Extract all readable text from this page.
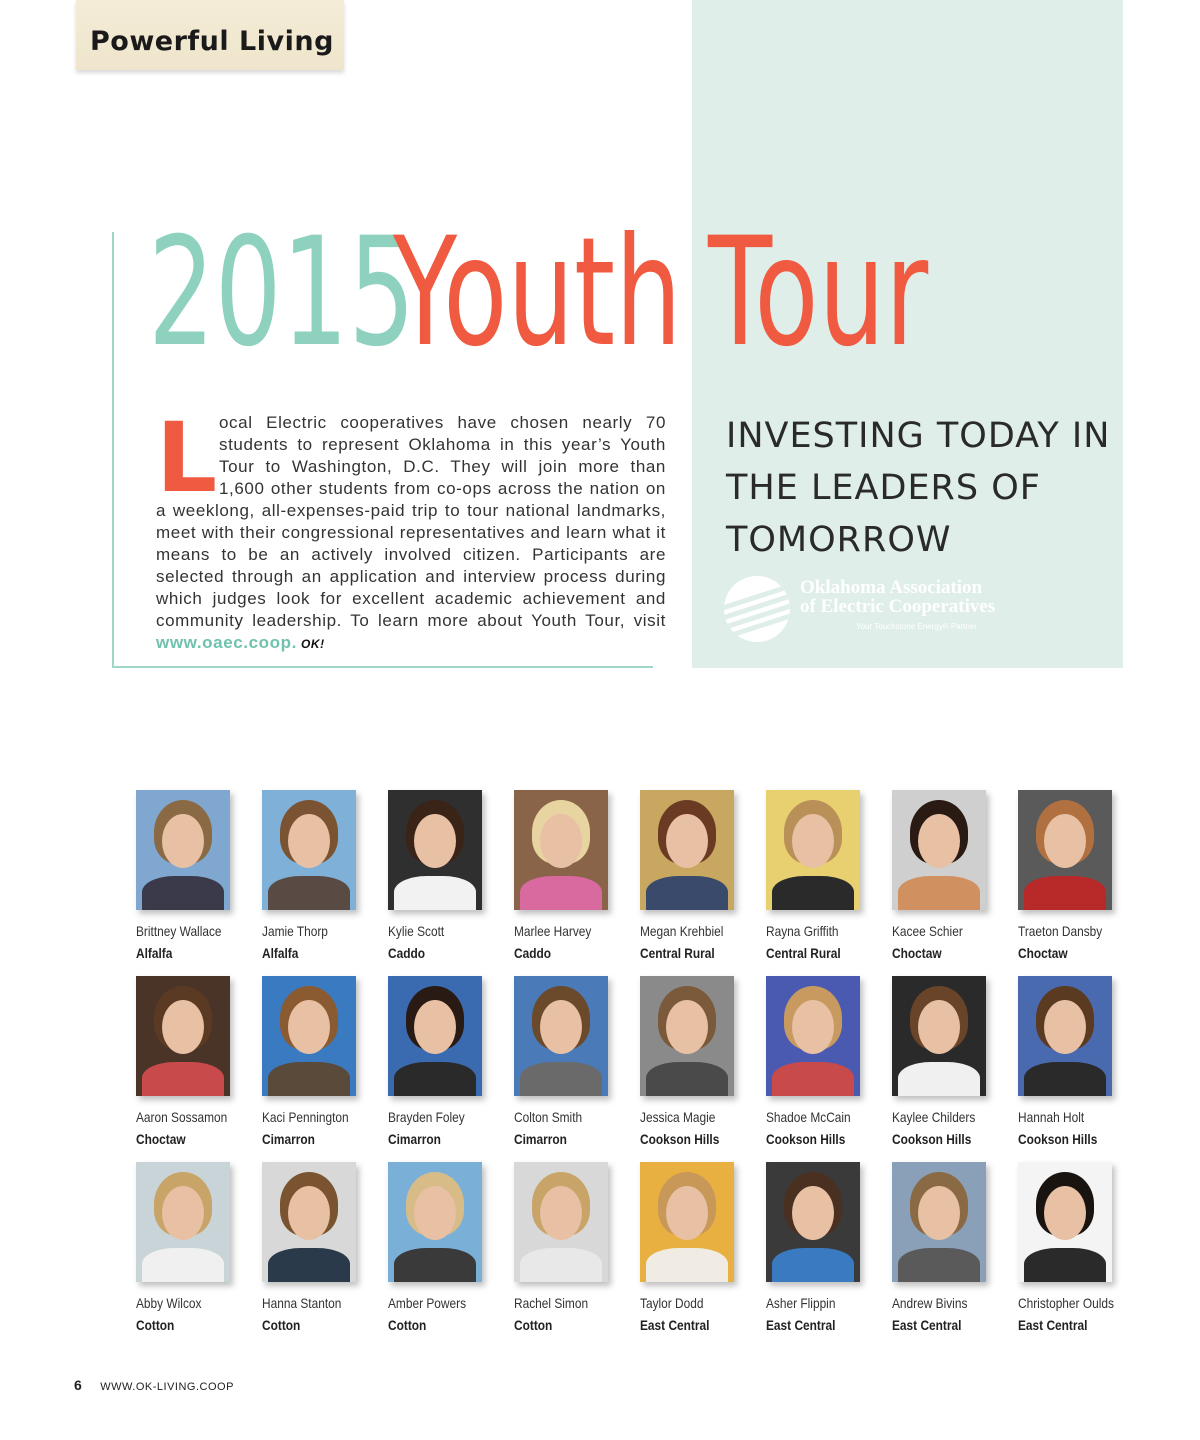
Powerful Living
2015
Youth Tour
Local Electric cooperatives have chosen nearly 70 students to represent Oklahoma in this year’s Youth Tour to Washington, D.C. They will join more than 1,600 other students from co-ops across the nation on a weeklong, all-expenses-paid trip to tour national landmarks, meet with their congressional representatives and learn what it means to be an actively involved citizen. Participants are selected through an application and interview process during which judges look for excellent academic achievement and community leadership. To learn more about Youth Tour, visit www.oaec.coop. OK!
INVESTING TODAY IN THE LEADERS OF TOMORROW
Oklahoma Association
of Electric Cooperatives
Your Touchstone Energy® Partner
Brittney Wallace
Alfalfa
Jamie Thorp
Alfalfa
Kylie Scott
Caddo
Marlee Harvey
Caddo
Megan Krehbiel
Central Rural
Rayna Griffith
Central Rural
Kacee Schier
Choctaw
Traeton Dansby
Choctaw
Aaron Sossamon
Choctaw
Kaci Pennington
Cimarron
Brayden Foley
Cimarron
Colton Smith
Cimarron
Jessica Magie
Cookson Hills
Shadoe McCain
Cookson Hills
Kaylee Childers
Cookson Hills
Hannah Holt
Cookson Hills
Abby Wilcox
Cotton
Hanna Stanton
Cotton
Amber Powers
Cotton
Rachel Simon
Cotton
Taylor Dodd
East Central
Asher Flippin
East Central
Andrew Bivins
East Central
Christopher Oulds
East Central
6 WWW.OK-LIVING.COOP
